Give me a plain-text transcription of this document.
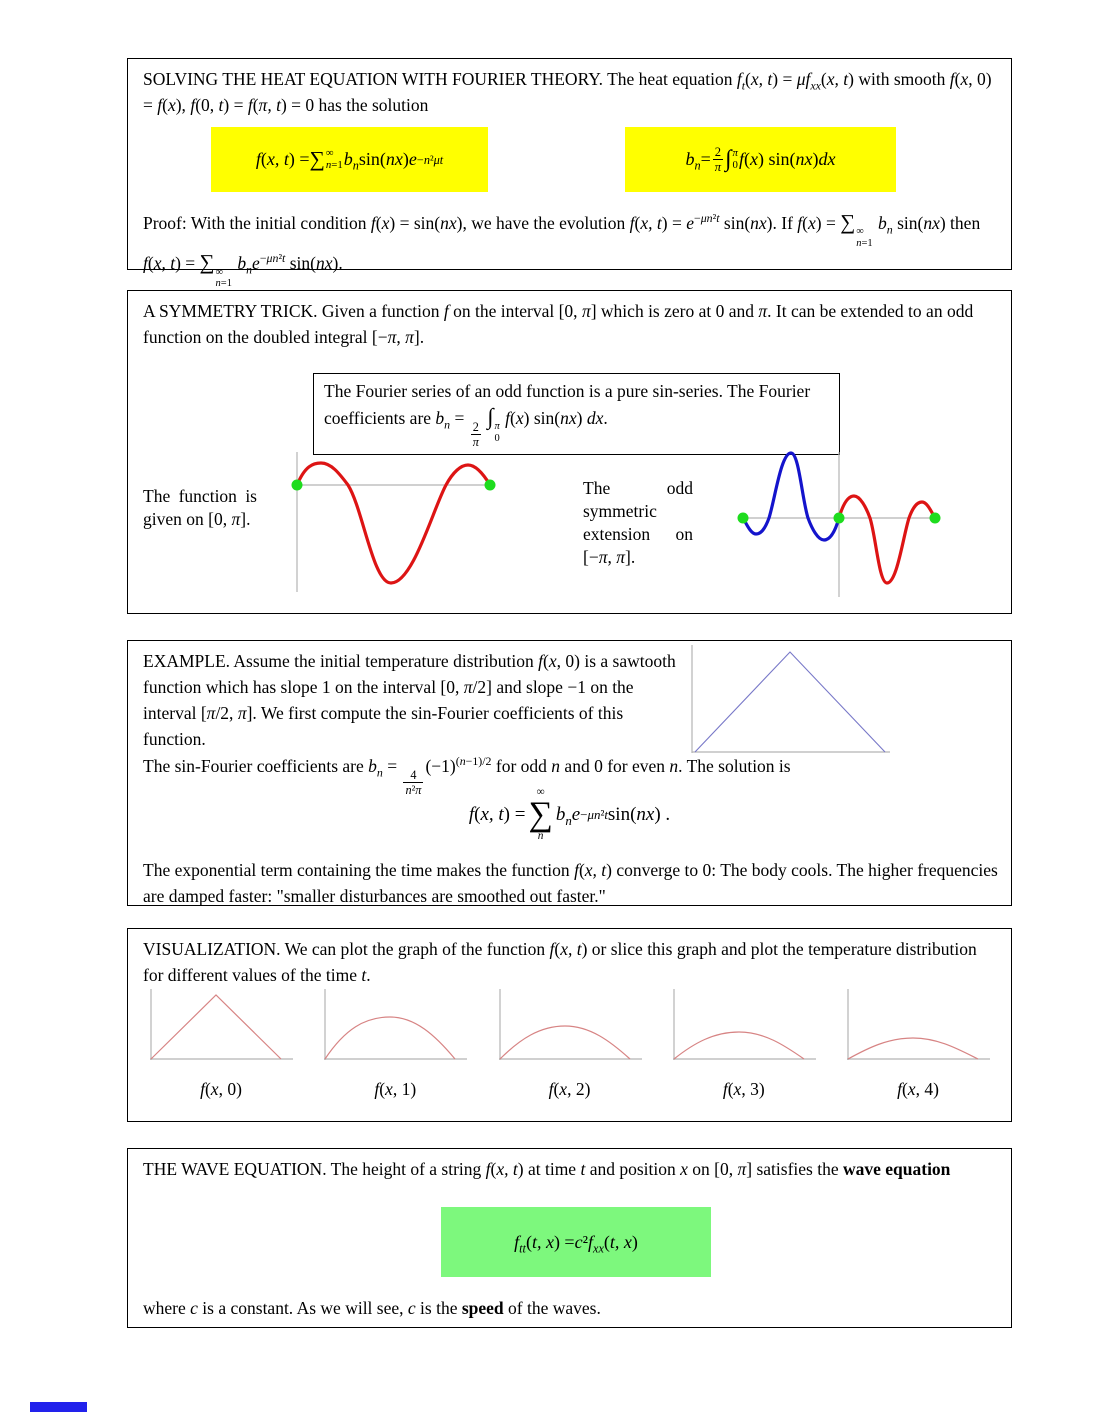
SOLVING THE HEAT EQUATION WITH FOURIER THEORY. The heat equation $f_t(x$, $t) = \mu f_{xx}(x$, t) with smooth f(x, 0) = f(x), f(0, t) = f(π, t) = 0 has the solution
f ( x, t ) = ∑ ∞
n=1 $b_n$ sin( nx ) e −n²μt	$b_n = \frac{2}{\pi}$ ∫ π
0 f ( x ) sin( nx ) dx
Proof: With the initial condition f(x) = sin(nx), we have the evolution f(x, $t) = e^{-\mu n^2t}$ sin(nx). If f(x) = ∑ ∞
n=1
$b_n$ sin(nx) then f(x, t) = ∑ ∞
n=1
$b_ne^{-\mu n^2t}$ sin(nx).
A SYMMETRY TRICK. Given a function f on the interval [0, π] which is zero at 0 and π. It can be extended to an odd function on the doubled integral [−π, π].
The Fourier series of an odd function is a pure sin-series. The Fourier coefficients are $b_n$ =
$\frac{2}{\pi}$
∫ π
0
f(x) sin(nx) dx.
The function is given on [0, π].
The odd symmetric extension on [−π, π].
EXAMPLE. Assume the initial temperature distribution f(x, 0) is a sawtooth function which has slope 1 on the interval [0, π/2] and slope −1 on the interval [π/2, π]. We first compute the sin-Fourier coefficients of this function.
The sin-Fourier coefficients are $b_n$ =
$\frac{4}{\text{n²π}}$
$(-1)^{(n-1)/2}$ for odd n and 0 for even n. The solution is
f ( x, t ) =
∞
∑
n
$b_n$ e −μn²t sin( nx ) .
The exponential term containing the time makes the function f(x, t) converge to 0: The body cools. The higher frequencies are damped faster: "smaller disturbances are smoothed out faster."
VISUALIZATION. We can plot the graph of the function f(x, t) or slice this graph and plot the temperature distribution for different values of the time t.
f(x, 0)	f(x, 1)	f(x, 2)	f(x, 3)	f(x, 4)
THE WAVE EQUATION. The height of a string f(x, t) at time t and position x on [0, π] satisfies the wave equation
$f_{tt}$ ( t, x ) = c ² $f_{xx}$ ( t, x )
where c is a constant. As we will see, c is the speed of the waves.
